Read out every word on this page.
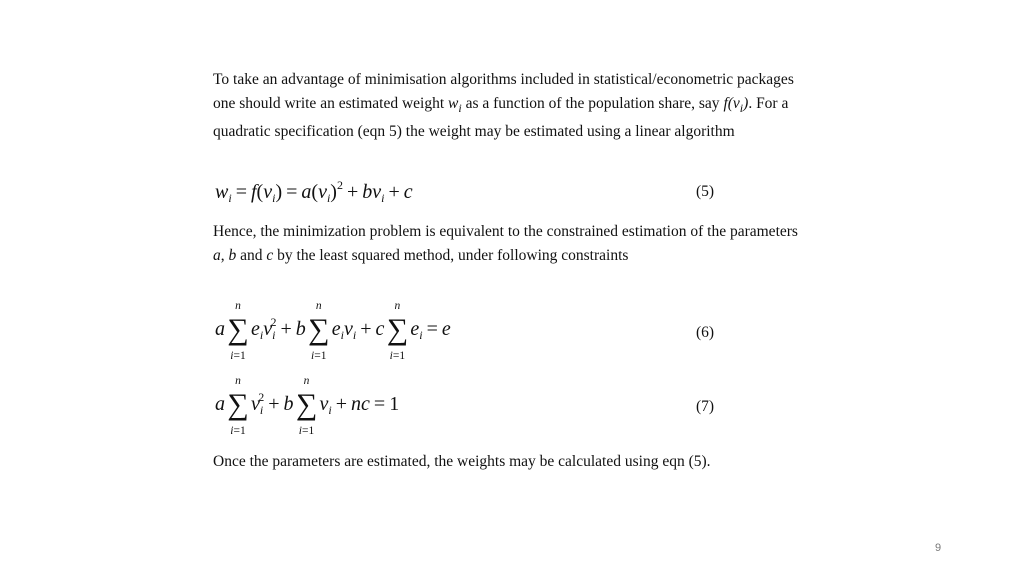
To take an advantage of minimisation algorithms included in statistical/econometric packages one should write an estimated weight $w_i$ as a function of the population share, say $f(v_i)$. For a quadratic specification (eqn 5) the weight may be estimated using a linear algorithm

$w_i = f(v_i) = a(v_i)^2 + bv_i + c$	(5)

Hence, the minimization problem is equivalent to the constrained estimation of the parameters a, b and c by the least squared method, under following constraints

a
n
∑
i=1
$e_iv_i^2 + b$
n
∑
i=1
$e_iv_i + c$
n
∑
i=1
$e_i = e$	(6)
a
n
∑
i=1
$v_i^2 + b$
n
∑
i=1
$v_i$ + nc = 1	(7)

Once the parameters are estimated, the weights may be calculated using eqn (5).

9
